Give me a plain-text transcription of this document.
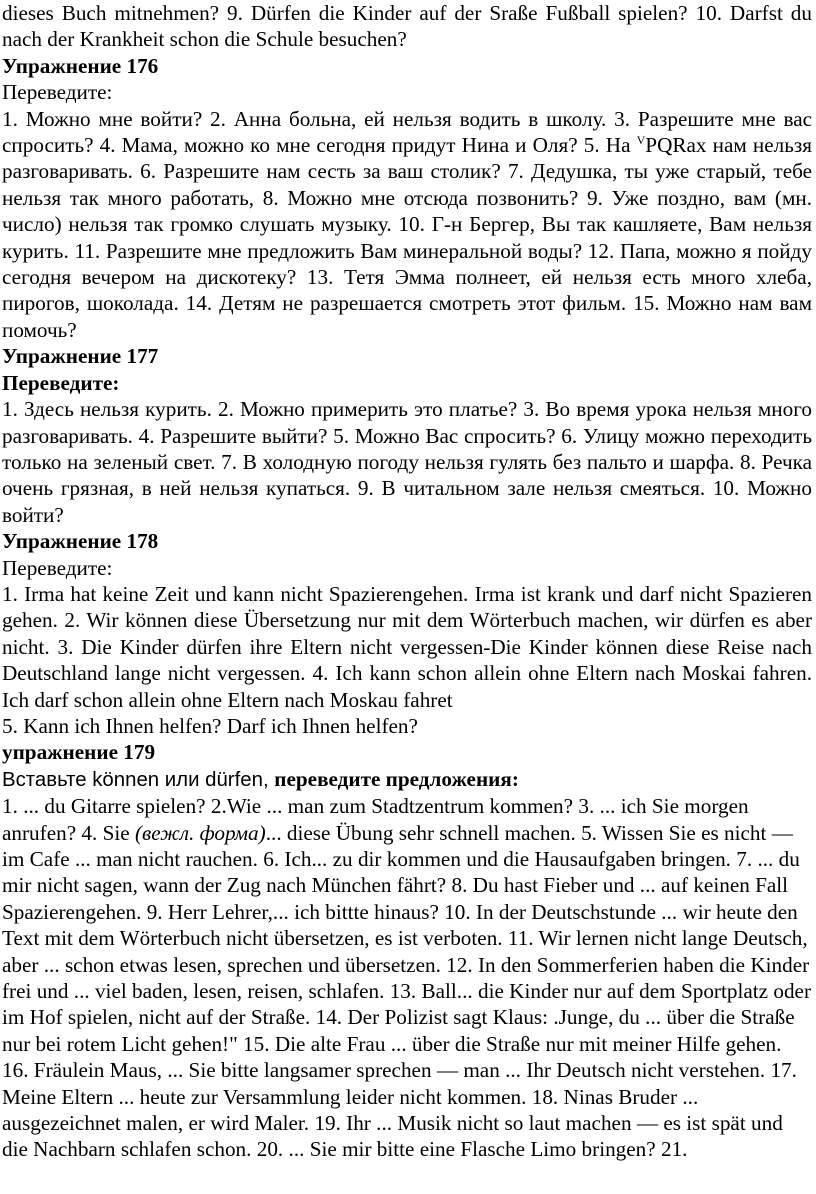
dieses Buch mitnehmen? 9. Dürfen die Kinder auf der Sraße Fußball spielen? 10. Darfst du nach der Krankheit schon die Schule besuchen?

Упражнение 176

Переведите:

1. Можно мне войти? 2. Анна больна, ей нельзя водить в школу. 3. Разрешите мне вас спросить? 4. Мама, можно ко мне сегодня придут Нина и Оля? 5. На $^V$PQRax нам нельзя разговаривать. 6. Разрешите нам сесть за ваш столик? 7. Дедушка, ты уже старый, тебе нельзя так много работать, 8. Можно мне отсюда позвонить? 9. Уже поздно, вам (мн. число) нельзя так громко слушать музыку. 10. Г-н Бергер, Вы так кашляете, Вам нельзя курить. 11. Разрешите мне предложить Вам минеральной воды? 12. Папа, можно я пойду сегодня вечером на дискотеку? 13. Тетя Эмма полнеет, ей нельзя есть много хлеба, пирогов, шоколада. 14. Детям не разрешается смотреть этот фильм. 15. Можно нам вам помочь?

Упражнение 177

Переведите:

1. Здесь нельзя курить. 2. Можно примерить это платье? 3. Во время урока нельзя много разговаривать. 4. Разрешите выйти? 5. Можно Вас спросить? 6. Улицу можно переходить только на зеленый свет. 7. В холодную погоду нельзя гулять без пальто и шарфа. 8. Речка очень грязная, в ней нельзя купаться. 9. В читальном зале нельзя смеяться. 10. Можно войти?

Упражнение 178

Переведите:

1. Irma hat keine Zeit und kann nicht Spazierengehen. Irma ist krank und darf nicht Spazieren gehen. 2. Wir können diese Übersetzung nur mit dem Wörterbuch machen, wir dürfen es aber nicht. 3. Die Kinder dürfen ihre Eltern nicht vergessen-Die Kinder können diese Reise nach Deutschland lange nicht vergessen. 4. Ich kann schon allein ohne Eltern nach Moskai fahren. Ich darf schon allein ohne Eltern nach Moskau fahret

5. Kann ich Ihnen helfen? Darf ich Ihnen helfen?

упражнение 179

Вставьте können или dürfen, переведите предложения:

1. ... du Gitarre spielen? 2.Wie ... man zum Stadtzentrum kommen? 3. ... ich Sie morgen anrufen? 4. Sie (вежл. форма)... diese Übung sehr schnell machen. 5. Wissen Sie es nicht — im Cafe ... man nicht rauchen. 6. Ich... zu dir kommen und die Hausaufgaben bringen. 7. ... du mir nicht sagen, wann der Zug nach München fährt? 8. Du hast Fieber und ... auf keinen Fall Spazierengehen. 9. Herr Lehrer,... ich bittte hinaus? 10. In der Deutschstunde ... wir heute den Text mit dem Wörterbuch nicht übersetzen, es ist verboten. 11. Wir lernen nicht lange Deutsch, aber ... schon etwas lesen, sprechen und übersetzen. 12. In den Sommerferien haben die Kinder frei und ... viel baden, lesen, reisen, schlafen. 13. Ball... die Kinder nur auf dem Sportplatz oder im Hof spielen, nicht auf der Straße. 14. Der Polizist sagt Klaus: .Junge, du ... über die Straße nur bei rotem Licht gehen!" 15. Die alte Frau ... über die Straße nur mit meiner Hilfe gehen. 16. Fräulein Maus, ... Sie bitte langsamer sprechen — man ... Ihr Deutsch nicht verstehen. 17. Meine Eltern ... heute zur Versammlung leider nicht kommen. 18. Ninas Bruder ... ausgezeichnet malen, er wird Maler. 19. Ihr ... Musik nicht so laut machen — es ist spät und die Nachbarn schlafen schon. 20. ... Sie mir bitte eine Flasche Limo bringen? 21.
